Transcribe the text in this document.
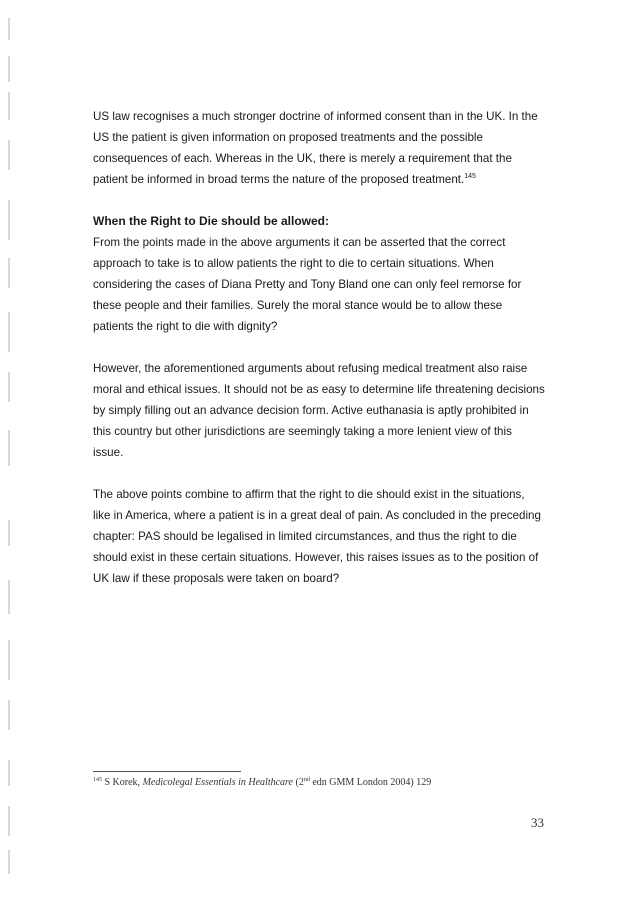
US law recognises a much stronger doctrine of informed consent than in the UK. In the US the patient is given information on proposed treatments and the possible consequences of each. Whereas in the UK, there is merely a requirement that the patient be informed in broad terms the nature of the proposed treatment.$^{145}$

When the Right to Die should be allowed:

From the points made in the above arguments it can be asserted that the correct approach to take is to allow patients the right to die to certain situations. When considering the cases of Diana Pretty and Tony Bland one can only feel remorse for these people and their families. Surely the moral stance would be to allow these patients the right to die with dignity?

However, the aforementioned arguments about refusing medical treatment also raise moral and ethical issues. It should not be as easy to determine life threatening decisions by simply filling out an advance decision form. Active euthanasia is aptly prohibited in this country but other jurisdictions are seemingly taking a more lenient view of this issue.

The above points combine to affirm that the right to die should exist in the situations, like in America, where a patient is in a great deal of pain. As concluded in the preceding chapter: PAS should be legalised in limited circumstances, and thus the right to die should exist in these certain situations. However, this raises issues as to the position of UK law if these proposals were taken on board?

$^{145}$ S Korek, Medicolegal Essentials in Healthcare (2nd edn GMM London 2004) 129
33
